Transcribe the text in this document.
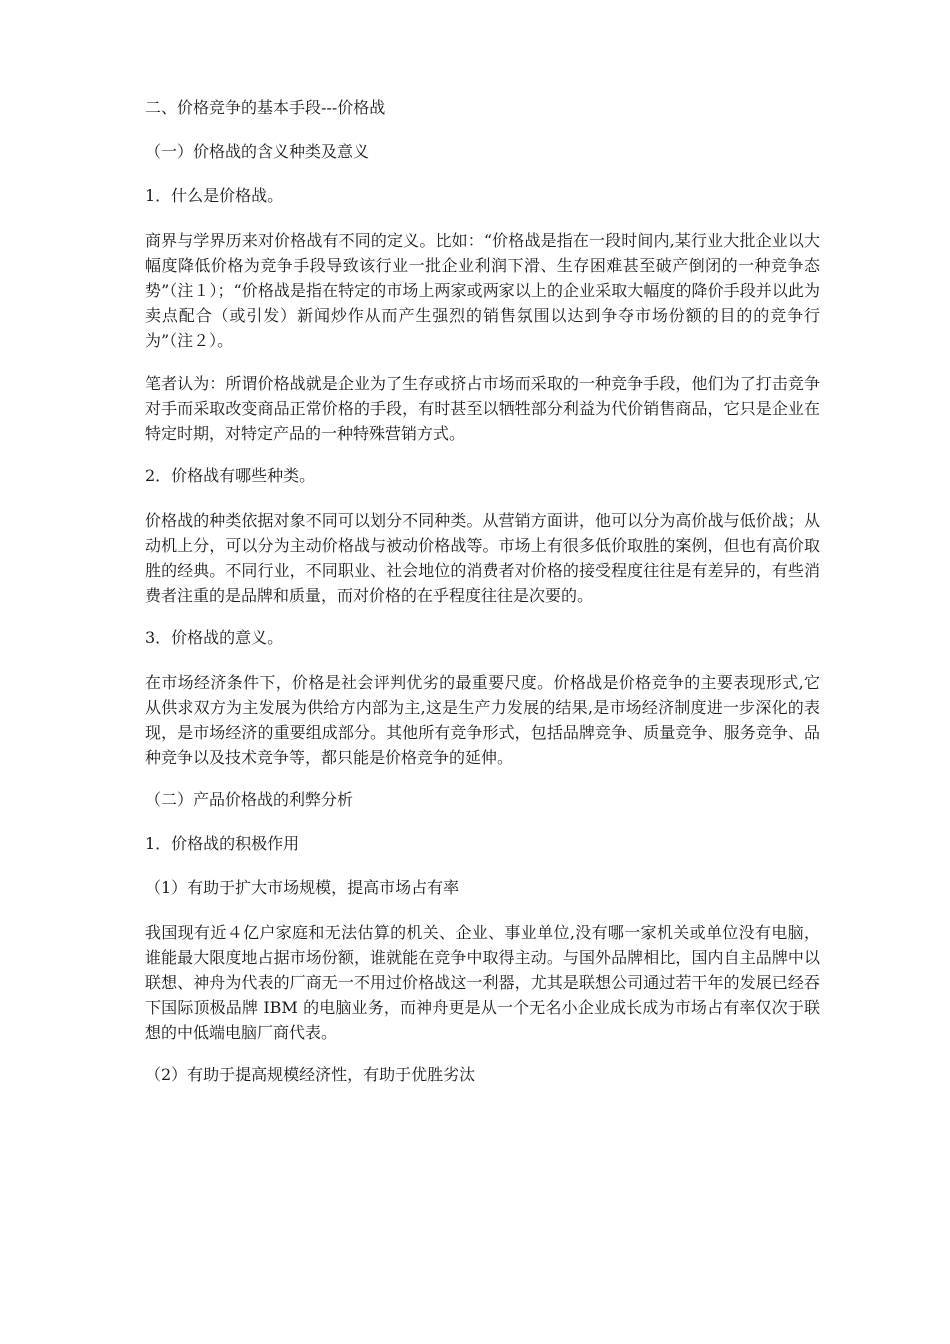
二、价格竞争的基本手段---价格战

（一）价格战的含义种类及意义

1．什么是价格战。

商界与学界历来对价格战有不同的定义。比如：“价格战是指在一段时间内,某行业大批企业以大幅度降低价格为竞争手段导致该行业一批企业利润下滑、生存困难甚至破产倒闭的一种竞争态势”（注１）；“价格战是指在特定的市场上两家或两家以上的企业采取大幅度的降价手段并以此为卖点配合（或引发）新闻炒作从而产生强烈的销售氛围以达到争夺市场份额的目的的竞争行为”（注２）。

笔者认为：所谓价格战就是企业为了生存或挤占市场而采取的一种竞争手段，他们为了打击竞争对手而采取改变商品正常价格的手段，有时甚至以牺牲部分利益为代价销售商品，它只是企业在特定时期，对特定产品的一种特殊营销方式。

2．价格战有哪些种类。

价格战的种类依据对象不同可以划分不同种类。从营销方面讲，他可以分为高价战与低价战；从动机上分，可以分为主动价格战与被动价格战等。市场上有很多低价取胜的案例，但也有高价取胜的经典。不同行业，不同职业、社会地位的消费者对价格的接受程度往往是有差异的，有些消费者注重的是品牌和质量，而对价格的在乎程度往往是次要的。

3．价格战的意义。

在市场经济条件下，价格是社会评判优劣的最重要尺度。价格战是价格竞争的主要表现形式,它从供求双方为主发展为供给方内部为主,这是生产力发展的结果,是市场经济制度进一步深化的表现，是市场经济的重要组成部分。其他所有竞争形式，包括品牌竞争、质量竞争、服务竞争、品种竞争以及技术竞争等，都只能是价格竞争的延伸。

（二）产品价格战的利弊分析

1．价格战的积极作用

（1）有助于扩大市场规模，提高市场占有率

我国现有近４亿户家庭和无法估算的机关、企业、事业单位,没有哪一家机关或单位没有电脑，谁能最大限度地占据市场份额，谁就能在竞争中取得主动。与国外品牌相比，国内自主品牌中以联想、神舟为代表的厂商无一不用过价格战这一利器，尤其是联想公司通过若干年的发展已经吞下国际顶极品牌 IBM 的电脑业务，而神舟更是从一个无名小企业成长成为市场占有率仅次于联想的中低端电脑厂商代表。

（2）有助于提高规模经济性，有助于优胜劣汰
